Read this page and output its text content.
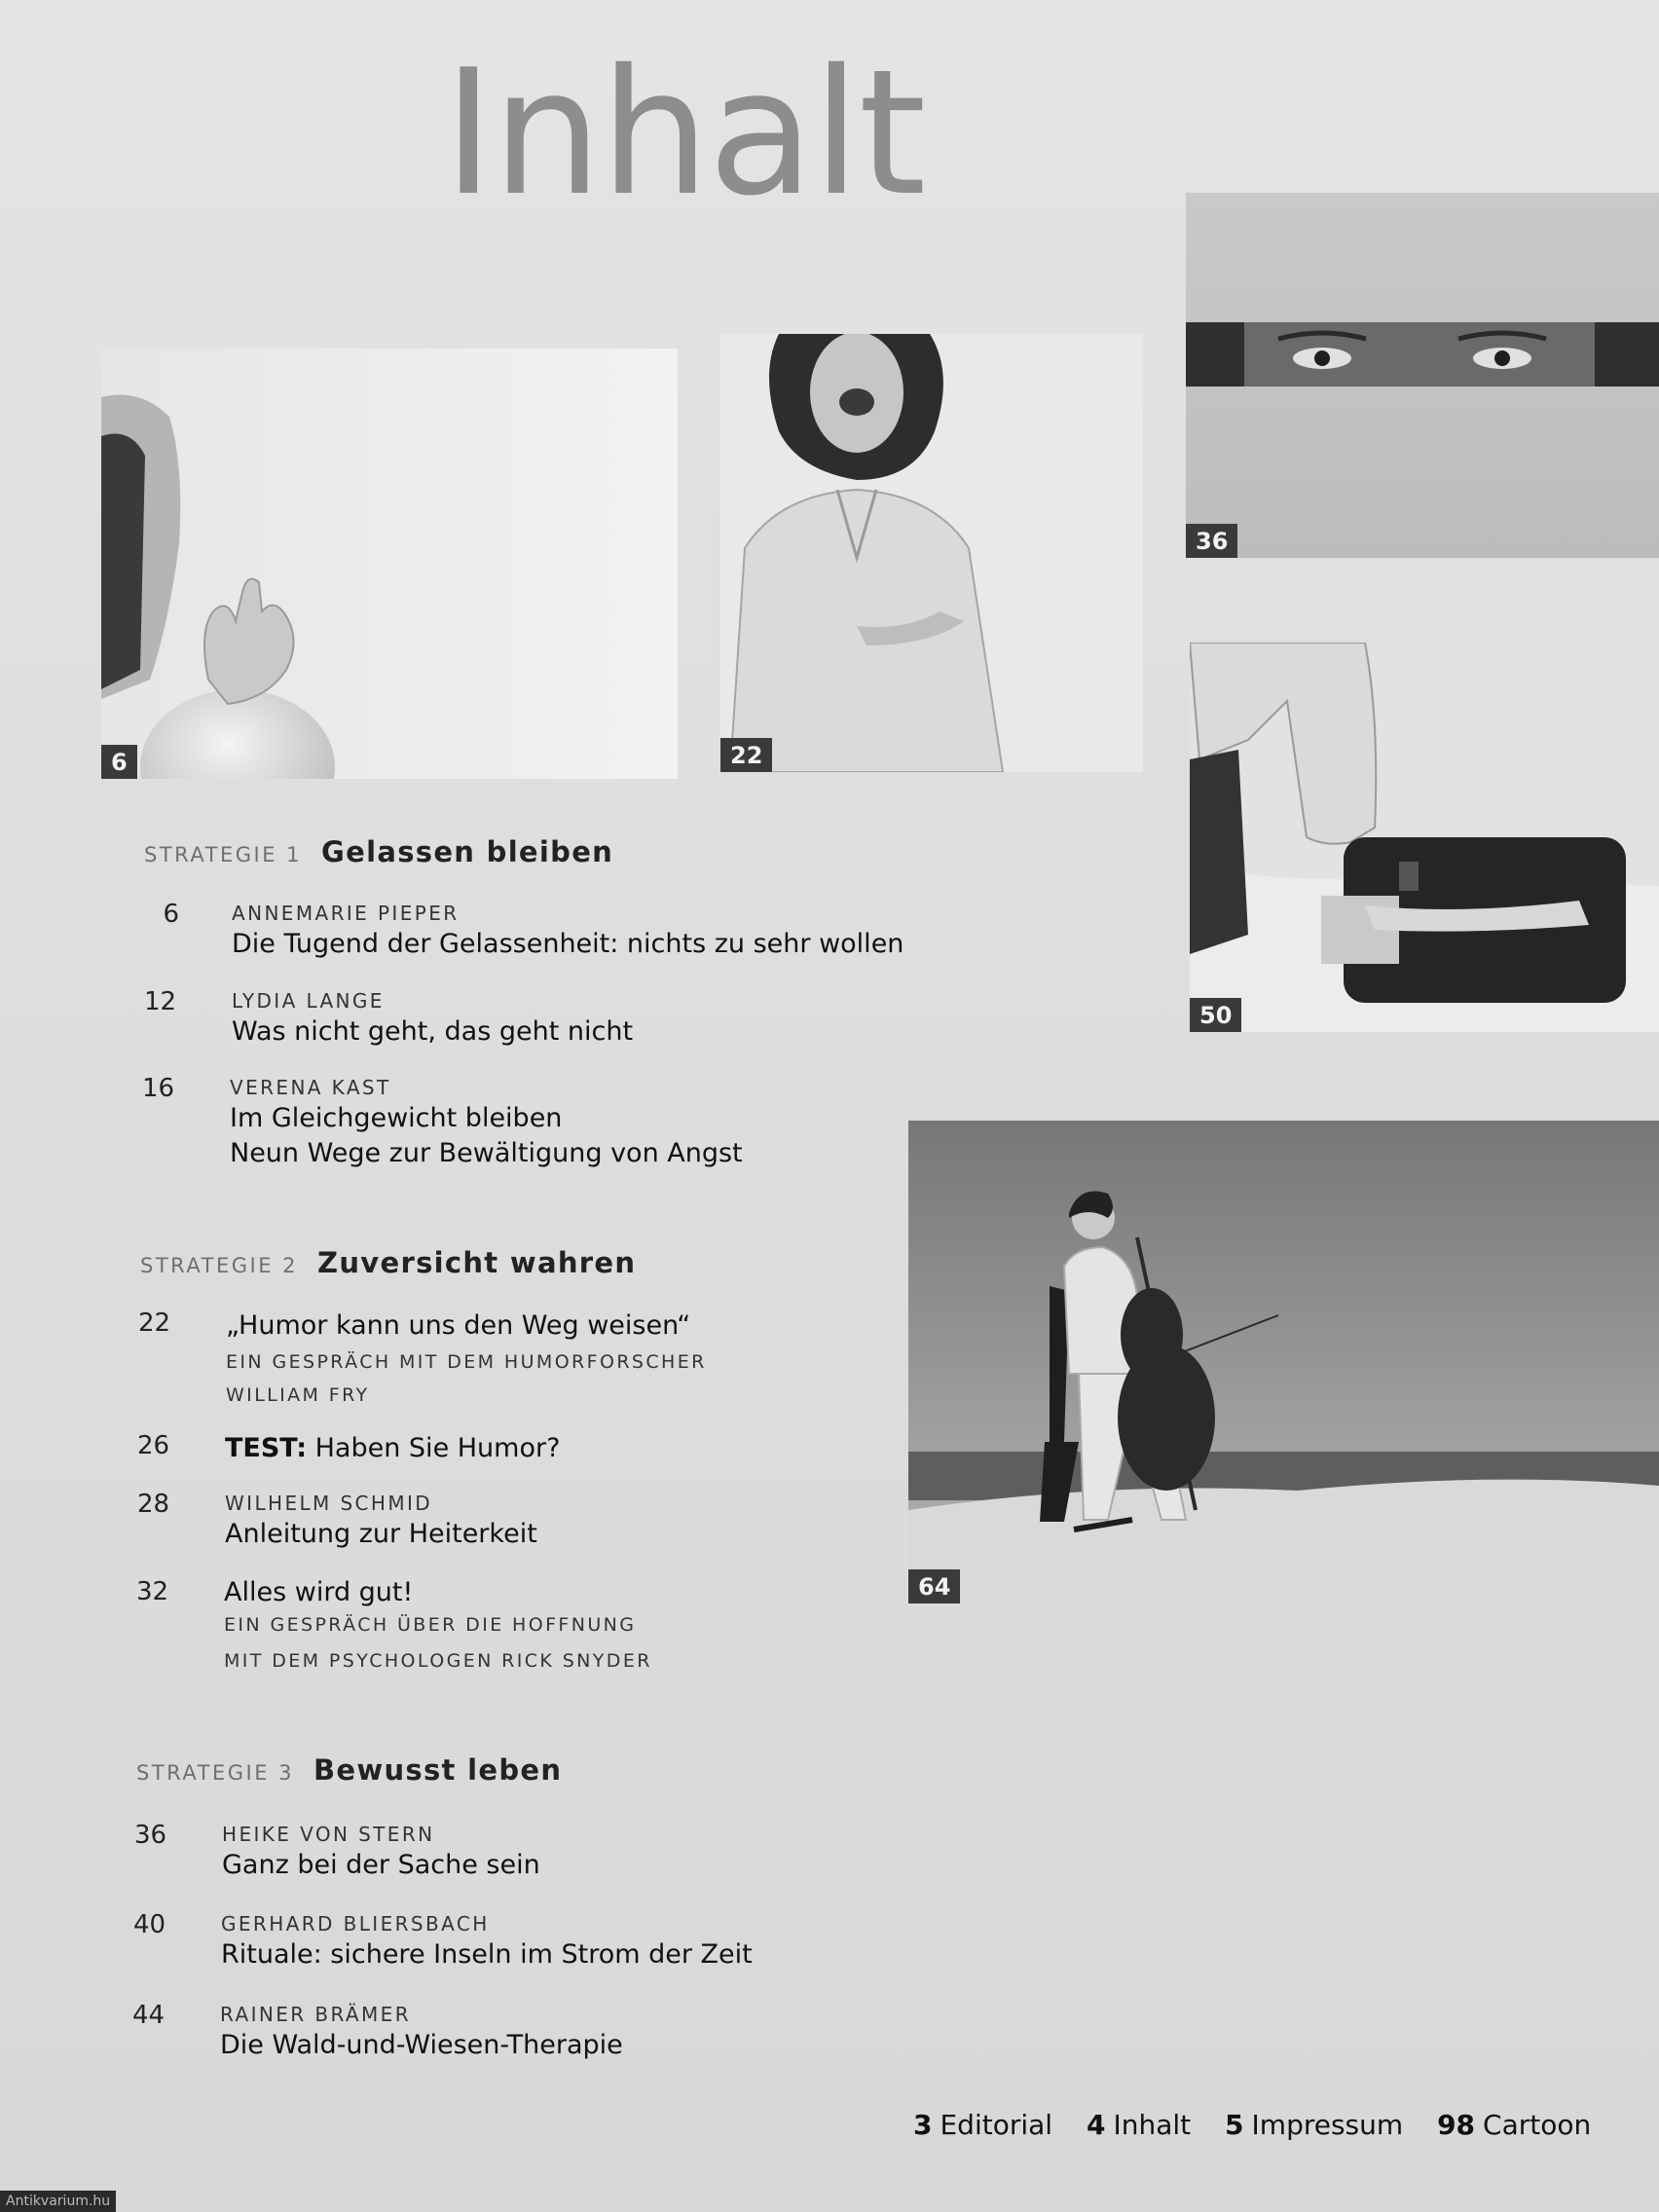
Inhalt
6	22
36
50
64
STRATEGIE 1 Gelassen bleiben
6	ANNEMARIE PIEPER
Die Tugend der Gelassenheit: nichts zu sehr wollen
12	LYDIA LANGE
Was nicht geht, das geht nicht
16	VERENA KAST
Im Gleichgewicht bleiben
Neun Wege zur Bewältigung von Angst
STRATEGIE 2 Zuversicht wahren
22	„Humor kann uns den Weg weisen“
EIN GESPRÄCH MIT DEM HUMORFORSCHER
WILLIAM FRY
26	TEST: Haben Sie Humor?
28	WILHELM SCHMID
Anleitung zur Heiterkeit
32	Alles wird gut!
EIN GESPRÄCH ÜBER DIE HOFFNUNG
MIT DEM PSYCHOLOGEN RICK SNYDER
STRATEGIE 3 Bewusst leben
36	HEIKE VON STERN
Ganz bei der Sache sein
40	GERHARD BLIERSBACH
Rituale: sichere Inseln im Strom der Zeit
44	RAINER BRÄMER
Die Wald-und-Wiesen-Therapie
3 Editorial 4 Inhalt 5 Impressum 98 Cartoon
Antikvarium.hu
